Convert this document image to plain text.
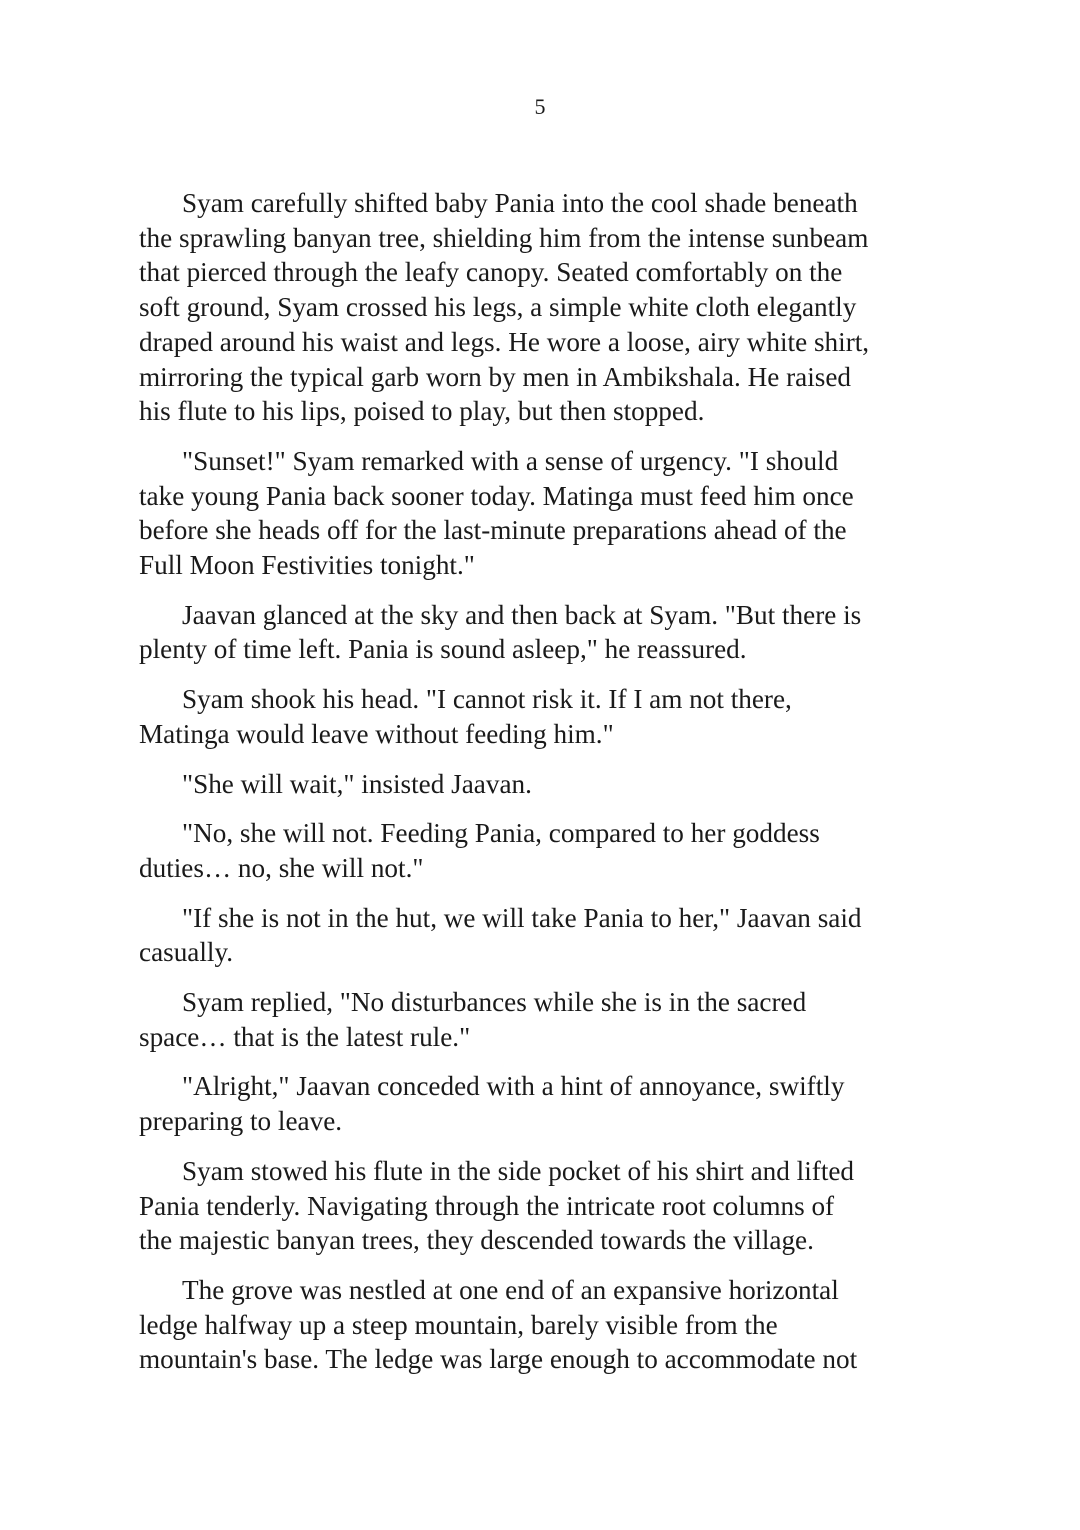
5

Syam carefully shifted baby Pania into the cool shade beneath
the sprawling banyan tree, shielding him from the intense sunbeam
that pierced through the leafy canopy. Seated comfortably on the
soft ground, Syam crossed his legs, a simple white cloth elegantly
draped around his waist and legs. He wore a loose, airy white shirt,
mirroring the typical garb worn by men in Ambikshala. He raised
his flute to his lips, poised to play, but then stopped.

"Sunset!" Syam remarked with a sense of urgency. "I should
take young Pania back sooner today. Matinga must feed him once
before she heads off for the last-minute preparations ahead of the
Full Moon Festivities tonight."

Jaavan glanced at the sky and then back at Syam. "But there is
plenty of time left. Pania is sound asleep," he reassured.

Syam shook his head. "I cannot risk it. If I am not there,
Matinga would leave without feeding him."

"She will wait," insisted Jaavan.

"No, she will not. Feeding Pania, compared to her goddess
duties… no, she will not."

"If she is not in the hut, we will take Pania to her," Jaavan said
casually.

Syam replied, "No disturbances while she is in the sacred
space… that is the latest rule."

"Alright," Jaavan conceded with a hint of annoyance, swiftly
preparing to leave.

Syam stowed his flute in the side pocket of his shirt and lifted
Pania tenderly. Navigating through the intricate root columns of
the majestic banyan trees, they descended towards the village.

The grove was nestled at one end of an expansive horizontal
ledge halfway up a steep mountain, barely visible from the
mountain's base. The ledge was large enough to accommodate not
